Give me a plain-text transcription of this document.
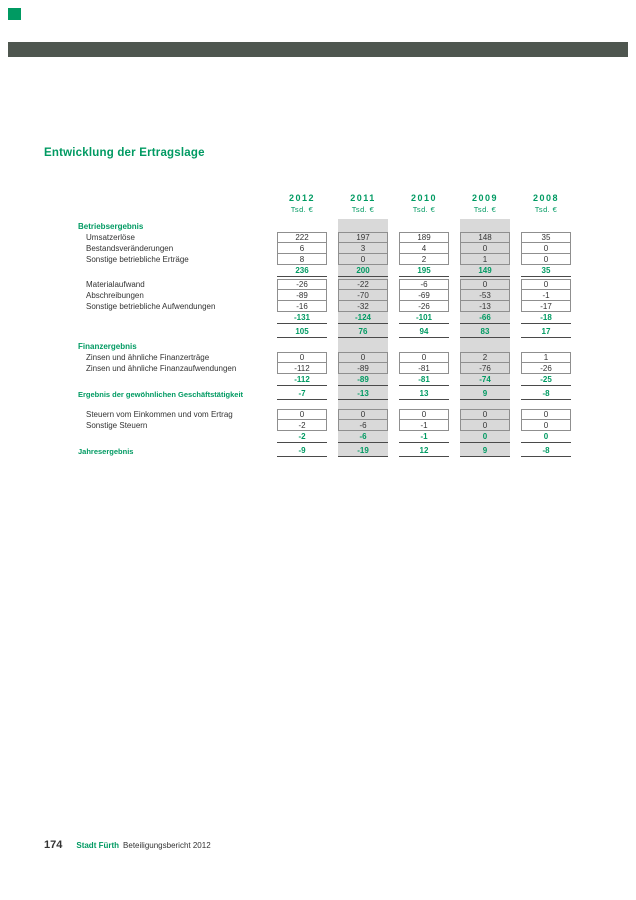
Entwicklung der Ertragslage
2012	2011	2010	2009	2008
Tsd. €	Tsd. €	Tsd. €	Tsd. €	Tsd. €
Betriebsergebnis
Umsatzerlöse	222	197	189	148	35
Bestandsveränderungen	6	3	4	0	0
Sonstige betriebliche Erträge	8	0	2	1	0
236	200	195	149	35
Materialaufwand	-26	-22	-6	0	0
Abschreibungen	-89	-70	-69	-53	-1
Sonstige betriebliche Aufwendungen	-16	-32	-26	-13	-17
-131	-124	-101	-66	-18
105	76	94	83	17
Finanzergebnis
Zinsen und ähnliche Finanzerträge	0	0	0	2	1
Zinsen und ähnliche Finanzaufwendungen	-112	-89	-81	-76	-26
-112	-89	-81	-74	-25
Ergebnis der gewöhnlichen Geschäftstätigkeit	-7	-13	13	9	-8
Steuern vom Einkommen und vom Ertrag	0	0	0	0	0
Sonstige Steuern	-2	-6	-1	0	0
-2	-6	-1	0	0
Jahresergebnis	-9	-19	12	9	-8
174 Stadt Fürth Beteiligungsbericht 2012
